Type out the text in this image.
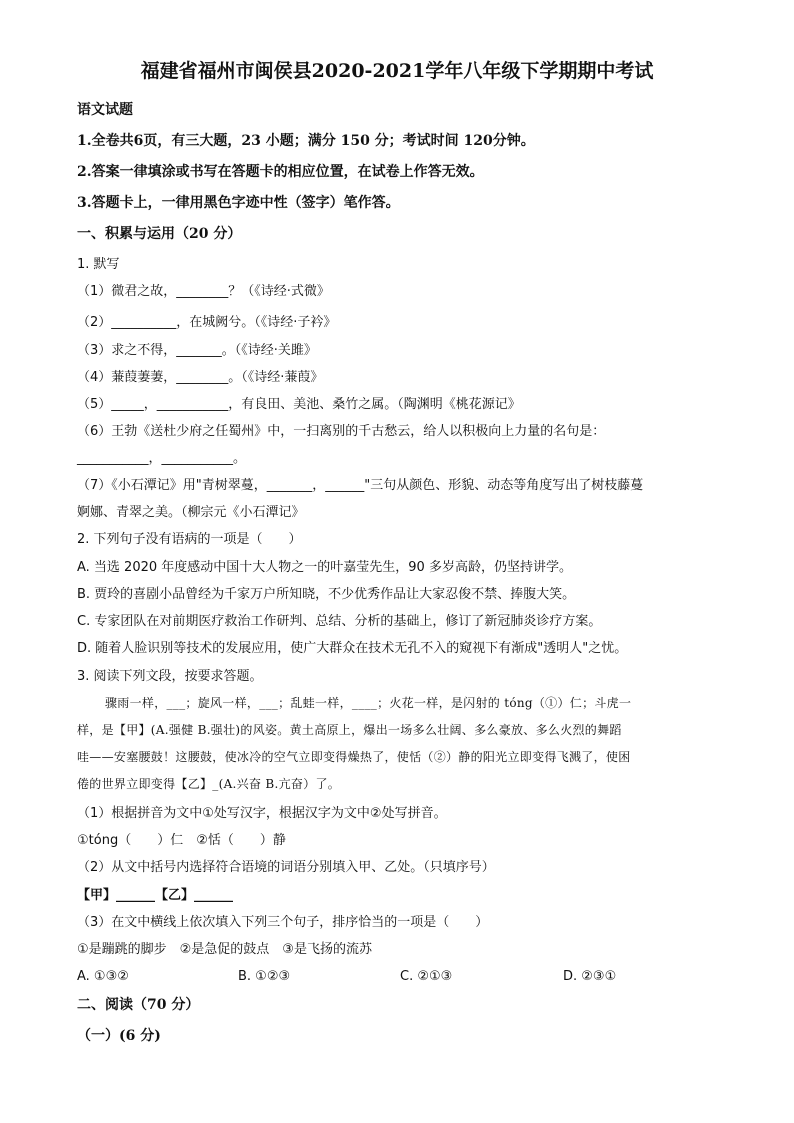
福建省福州市闽侯县2020-2021学年八年级下学期期中考试
语文试题
1.全卷共6页，有三大题，23 小题；满分 150 分；考试时间 120分钟。
2.答案一律填涂或书写在答题卡的相应位置，在试卷上作答无效。
3.答题卡上，一律用黑色字迹中性（签字）笔作答。
一、积累与运用（20 分）
1. 默写
（1）微君之故，________？（《诗经·式微》
（2）__________，在城阙兮。（《诗经·子衿》
（3）求之不得，_______。（《诗经·关雎》
（4）蒹葭萋萋，________。（《诗经·蒹葭》
（5）_____，___________，有良田、美池、桑竹之属。（陶渊明《桃花源记》
（6）王勃《送杜少府之任蜀州》中，一扫离别的千古愁云，给人以积极向上力量的名句是：
___________，___________。
（7）《小石潭记》用"青树翠蔓，_______，______"三句从颜色、形貌、动态等角度写出了树枝藤蔓
婀娜、青翠之美。（柳宗元《小石潭记》
2. 下列句子没有语病的一项是（　　）
A. 当选 2020 年度感动中国十大人物之一的叶嘉莹先生，90 多岁高龄，仍坚持讲学。
B. 贾玲的喜剧小品曾经为千家万户所知晓，不少优秀作品让大家忍俊不禁、捧腹大笑。
C. 专家团队在对前期医疗救治工作研判、总结、分析的基础上，修订了新冠肺炎诊疗方案。
D. 随着人脸识别等技术的发展应用，使广大群众在技术无孔不入的窥视下有渐成"透明人"之忧。
3. 阅读下列文段，按要求答题。
骤雨一样，___；旋风一样，___；乱蛙一样，____；火花一样，是闪射的 tóng（①）仁；斗虎一
样，是【甲】(A.强健 B.强壮)的风姿。黄土高原上，爆出一场多么壮阔、多么豪放、多么火烈的舞蹈
哇——安塞腰鼓！这腰鼓，使冰冷的空气立即变得燥热了，使恬（②）静的阳光立即变得飞溅了，使困
倦的世界立即变得【乙】_(A.兴奋 B.亢奋）了。
（1）根据拼音为文中①处写汉字，根据汉字为文中②处写拼音。
①tóng（　　）仁　②恬（　　）静
（2）从文中括号内选择符合语境的词语分别填入甲、乙处。（只填序号）
【甲】______【乙】______
（3）在文中横线上依次填入下列三个句子，排序恰当的一项是（　　）
①是蹦跳的脚步　②是急促的鼓点　③是飞扬的流苏
A. ①③②	B. ①②③	C. ②①③	D. ②③①
二、阅读（70 分）
（一）(6 分)
